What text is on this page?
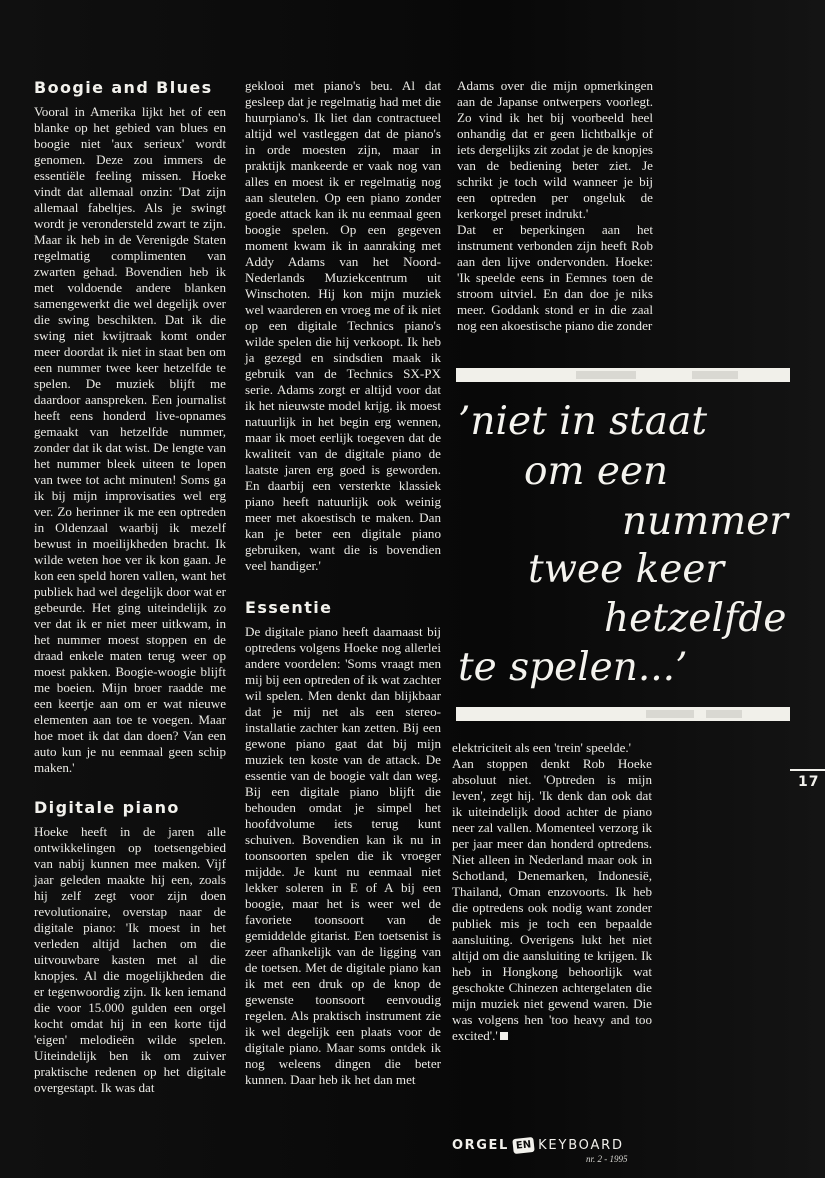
Boogie and Blues

Vooral in Amerika lijkt het of een blanke op het gebied van blues en boogie niet 'aux serieux' wordt genomen. Deze zou immers de essentiële feeling missen. Hoeke vindt dat allemaal onzin: 'Dat zijn allemaal fabeltjes. Als je swingt wordt je verondersteld zwart te zijn. Maar ik heb in de Verenigde Staten regelmatig complimenten van zwarten gehad. Bovendien heb ik met voldoende andere blanken samengewerkt die wel degelijk over die swing beschikten. Dat ik die swing niet kwijtraak komt onder meer doordat ik niet in staat ben om een nummer twee keer hetzelfde te spelen. De muziek blijft me daardoor aanspreken. Een journalist heeft eens honderd live-opnames gemaakt van hetzelfde nummer, zonder dat ik dat wist. De lengte van het nummer bleek uiteen te lopen van twee tot acht minuten! Soms ga ik bij mijn improvisaties wel erg ver. Zo herinner ik me een optreden in Oldenzaal waarbij ik mezelf bewust in moeilijkheden bracht. Ik wilde weten hoe ver ik kon gaan. Je kon een speld horen vallen, want het publiek had wel degelijk door wat er gebeurde. Het ging uiteindelijk zo ver dat ik er niet meer uitkwam, in het nummer moest stoppen en de draad enkele maten terug weer op moest pakken. Boogie-woogie blijft me boeien. Mijn broer raadde me een keertje aan om er wat nieuwe elementen aan toe te voegen. Maar hoe moet ik dat dan doen? Van een auto kun je nu eenmaal geen schip maken.'

Digitale piano

Hoeke heeft in de jaren alle ontwikkelingen op toetsengebied van nabij kunnen mee maken. Vijf jaar geleden maakte hij een, zoals hij zelf zegt voor zijn doen revolutionaire, overstap naar de digitale piano: 'Ik moest in het verleden altijd lachen om die uitvouwbare kasten met al die knopjes. Al die mogelijkheden die er tegenwoordig zijn. Ik ken iemand die voor 15.000 gulden een orgel kocht omdat hij in een korte tijd 'eigen' melodieën wilde spelen. Uiteindelijk ben ik om zuiver praktische redenen op het digitale overgestapt. Ik was dat

geklooi met piano's beu. Al dat gesleep dat je regelmatig had met die huurpiano's. Ik liet dan contractueel altijd wel vastleggen dat de piano's in orde moesten zijn, maar in praktijk mankeerde er vaak nog van alles en moest ik er regelmatig nog aan sleutelen. Op een piano zonder goede attack kan ik nu eenmaal geen boogie spelen. Op een gegeven moment kwam ik in aanraking met Addy Adams van het Noord-Nederlands Muziekcentrum uit Winschoten. Hij kon mijn muziek wel waarderen en vroeg me of ik niet op een digitale Technics piano's wilde spelen die hij verkoopt. Ik heb ja gezegd en sindsdien maak ik gebruik van de Technics SX-PX serie. Adams zorgt er altijd voor dat ik het nieuwste model krijg. ik moest natuurlijk in het begin erg wennen, maar ik moet eerlijk toegeven dat de kwaliteit van de digitale piano de laatste jaren erg goed is geworden. En daarbij een versterkte klassiek piano heeft natuurlijk ook weinig meer met akoestisch te maken. Dan kan je beter een digitale piano gebruiken, want die is bovendien veel handiger.'

Essentie

De digitale piano heeft daarnaast bij optredens volgens Hoeke nog allerlei andere voordelen: 'Soms vraagt men mij bij een optreden of ik wat zachter wil spelen. Men denkt dan blijkbaar dat je mij net als een stereo-installatie zachter kan zetten. Bij een gewone piano gaat dat bij mijn muziek ten koste van de attack. De essentie van de boogie valt dan weg. Bij een digitale piano blijft die behouden omdat je simpel het hoofdvolume iets terug kunt schuiven. Bovendien kan ik nu in toonsoorten spelen die ik vroeger mijdde. Je kunt nu eenmaal niet lekker soleren in E of A bij een boogie, maar het is weer wel de favoriete toonsoort van de gemiddelde gitarist. Een toetsenist is zeer afhankelijk van de ligging van de toetsen. Met de digitale piano kan ik met een druk op de knop de gewenste toonsoort eenvoudig regelen. Als praktisch instrument zie ik wel degelijk een plaats voor de digitale piano. Maar soms ontdek ik nog weleens dingen die beter kunnen. Daar heb ik het dan met

Adams over die mijn opmerkingen aan de Japanse ontwerpers voorlegt. Zo vind ik het bij voorbeeld heel onhandig dat er geen lichtbalkje of iets dergelijks zit zodat je de knopjes van de bediening beter ziet. Je schrikt je toch wild wanneer je bij een optreden per ongeluk de kerkorgel preset indrukt.'

Dat er beperkingen aan het instrument verbonden zijn heeft Rob aan den lijve ondervonden. Hoeke: 'Ik speelde eens in Eemnes toen de stroom uitviel. En dan doe je niks meer. Goddank stond er in die zaal nog een akoestische piano die zonder

’niet in staat
om een
nummer
twee keer
hetzelfde
te spelen...’

elektriciteit als een 'trein' speelde.'

Aan stoppen denkt Rob Hoeke absoluut niet. 'Optreden is mijn leven', zegt hij. 'Ik denk dan ook dat ik uiteindelijk dood achter de piano neer zal vallen. Momenteel verzorg ik per jaar meer dan honderd optredens. Niet alleen in Nederland maar ook in Schotland, Denemarken, Indonesië, Thailand, Oman enzovoorts. Ik heb die optredens ook nodig want zonder publiek mis je toch een bepaalde aansluiting. Overigens lukt het niet altijd om die aansluiting te krijgen. Ik heb in Hongkong behoorlijk wat geschokte Chinezen achtergelaten die mijn muziek niet gewend waren. Die was volgens hen 'too heavy and too excited'.'

17
ORGEL EN KEYBOARD
nr. 2 - 1995
